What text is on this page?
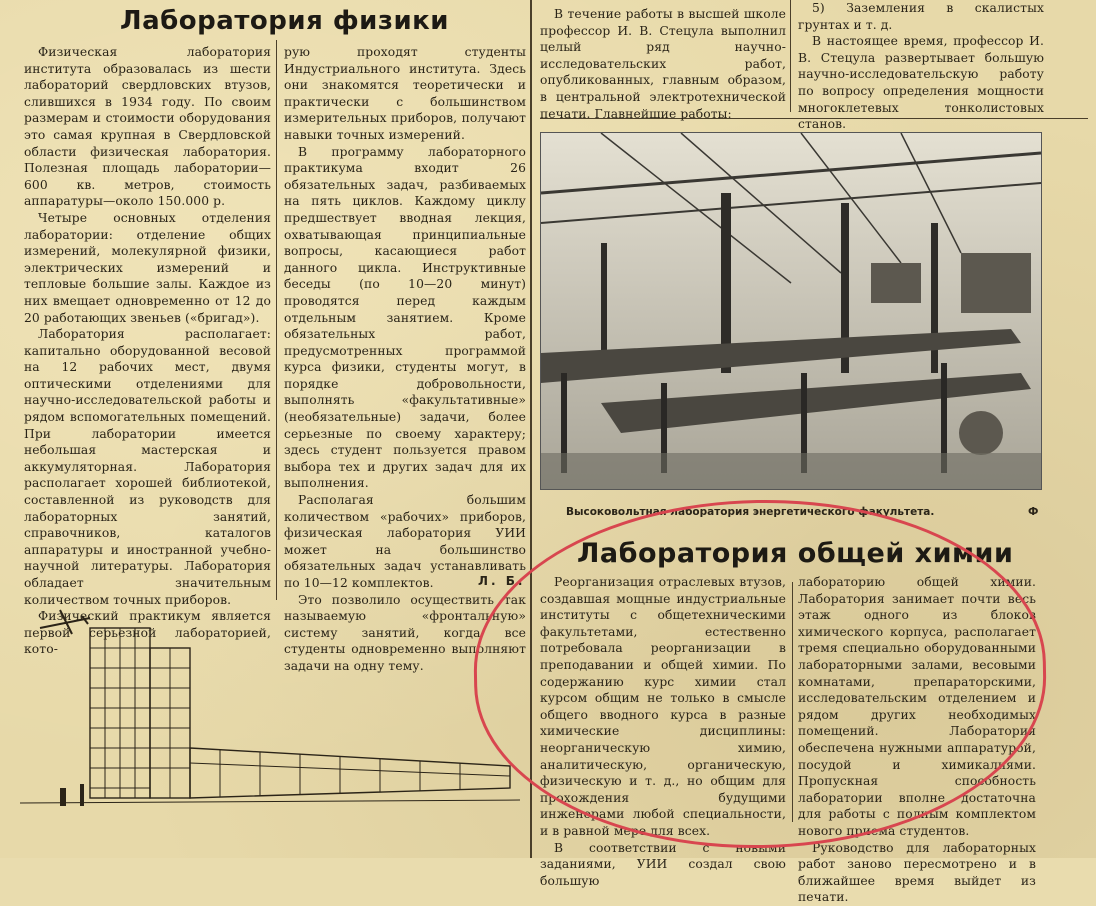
Лаборатория физики

Физическая лаборатория института образовалась из шести лабораторий свердловских втузов, слившихся в 1934 году. По своим размерам и стоимости оборудования это самая крупная в Свердловской области физическая лаборатория. Полезная площадь лаборатории—600 кв. метров, стоимость аппаратуры—около 150.000 р.

Четыре основных отделения лаборатории: отделение общих измерений, молекулярной физики, электрических измерений и тепловые большие залы. Каждое из них вмещает одновременно от 12 до 20 работающих звеньев («бригад»).

Лаборатория располагает: капитально оборудованной весовой на 12 рабочих мест, двумя оптическими отделениями для научно-исследовательской работы и рядом вспомогательных помещений. При лаборатории имеется небольшая мастерская и аккумуляторная. Лаборатория располагает хорошей библиотекой, составленной из руководств для лабораторных занятий, справочников, каталогов аппаратуры и иностранной учебно-научной литературы. Лаборатория обладает значительным количеством точных приборов.

Физический практикум является первой серьезной лабораторией, кото-

рую проходят студенты Индустриального института. Здесь они знакомятся теоретически и практически с большинством измерительных приборов, получают навыки точных измерений.

В программу лабораторного практикума входит 26 обязательных задач, разбиваемых на пять циклов. Каждому циклу предшествует вводная лекция, охватывающая принципиальные вопросы, касающиеся работ данного цикла. Инструктивные беседы (по 10—20 минут) проводятся перед каждым отдельным занятием. Кроме обязательных работ, предусмотренных программой курса физики, студенты могут, в порядке добровольности, выполнять «факультативные» (необязательные) задачи, более серьезные по своему характеру; здесь студент пользуется правом выбора тех и других задач для их выполнения.

Располагая большим количеством «рабочих» приборов, физическая лаборатория УИИ может на большинство обязательных задач устанавливать по 10—12 комплектов.

Это позволило осуществить так называемую «фронтальную» систему занятий, когда все студенты одновременно выполняют задачи на одну тему.

Л. Б.

В течение работы в высшей школе профессор И. В. Стецула выполнил целый ряд научно-исследовательских работ, опубликованных, главным образом, в центральной электротехнической печати. Главнейшие работы:

5) Заземления в скалистых грунтах и т. д.

В настоящее время, профессор И. В. Стецула развертывает большую научно-исследовательскую работу по вопросу определения мощности многоклетевых тонколистовых станов.

Высоковольтная лаборатория энергетического факультета.	Ф
Лаборатория общей химии

Реорганизация отраслевых втузов, создавшая мощные индустриальные институты с общетехническими факультетами, естественно потребовала реорганизации в преподавании и общей химии. По содержанию курс химии стал курсом общим не только в смысле общего вводного курса в разные химические дисциплины: неорганическую химию, аналитическую, органическую, физическую и т. д., но общим для прохождения будущими инженерами любой специальности, и в равной мере для всех.

В соответствии с новыми заданиями, УИИ создал свою большую

лабораторию общей химии. Лаборатория занимает почти весь этаж одного из блоков химического корпуса, располагает тремя специально оборудованными лабораторными залами, весовыми комнатами, препараторскими, исследовательским отделением и рядом других необходимых помещений. Лаборатория обеспечена нужными аппаратурой, посудой и химикалиями. Пропускная способность лаборатории вполне достаточна для работы с полным комплектом нового приема студентов.

Руководство для лабораторных работ заново пересмотрено и в ближайшее время выйдет из печати.
